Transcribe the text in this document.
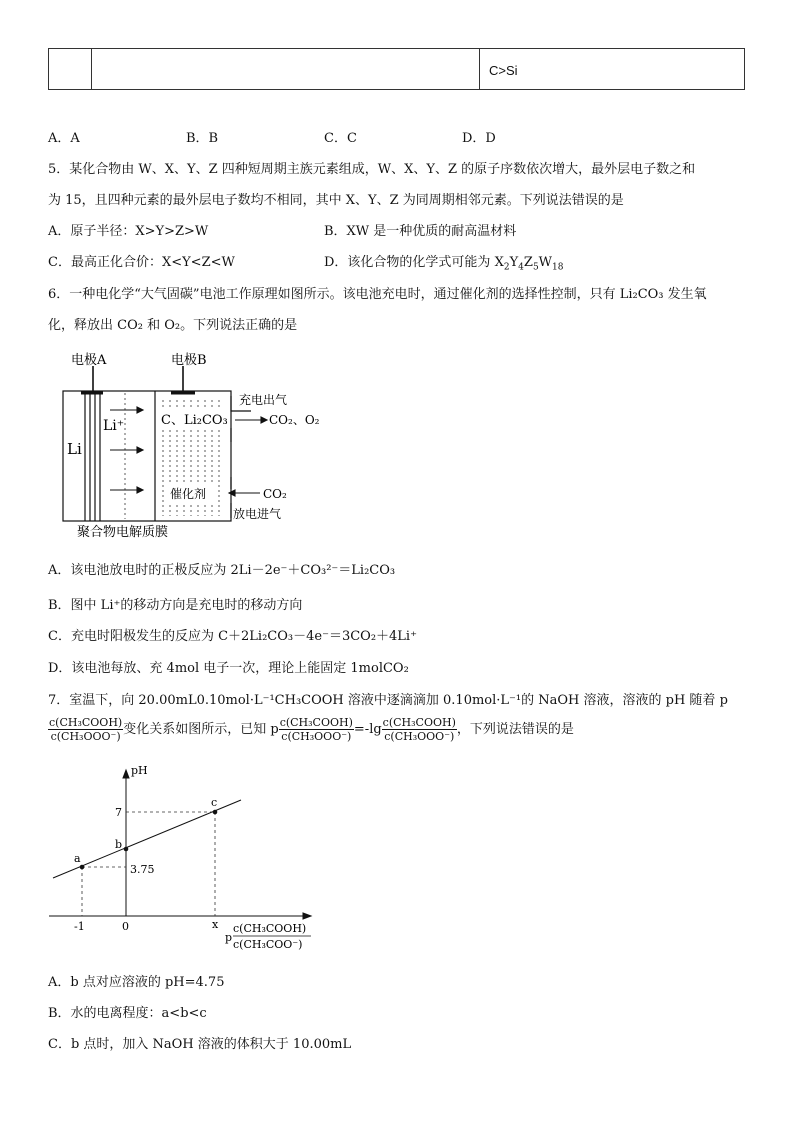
C>Si
A．A	B．B	C．C	D．D
5．某化合物由 W、X、Y、Z 四种短周期主族元素组成，W、X、Y、Z 的原子序数依次增大，最外层电子数之和
为 15，且四种元素的最外层电子数均不相同，其中 X、Y、Z 为同周期相邻元素。下列说法错误的是
A．原子半径：X>Y>Z>W	B．XW 是一种优质的耐高温材料
C．最高正化合价：X<Y<Z<W	D．该化合物的化学式可能为 $X_2Y_4Z_5W_{18}$
6．一种电化学“大气固碳”电池工作原理如图所示。该电池充电时，通过催化剂的选择性控制，只有 Li₂CO₃ 发生氧
化，释放出 CO₂ 和 O₂。下列说法正确的是
电极A	电极B
Li
Li⁺	C、Li₂CO₃
催化剂
充电出气
CO₂、O₂
CO₂
放电进气
聚合物电解质膜
A．该电池放电时的正极反应为 2Li－2e⁻＋CO₃²⁻＝Li₂CO₃
B．图中 Li⁺的移动方向是充电时的移动方向
C．充电时阳极发生的反应为 C＋2Li₂CO₃－4e⁻＝3CO₂＋4Li⁺
D．该电池每放、充 4mol 电子一次，理论上能固定 1molCO₂
7．室温下，向 20.00mL0.10mol·L⁻¹CH₃COOH 溶液中逐滴滴加 0.10mol·L⁻¹的 NaOH 溶液，溶液的 pH 随着 p
$\frac{\text{c(CH₃COOH)}}{\text{c(CH₃OOO⁻)}}$ 变化关系如图所示，已知 p $\frac{\text{c(CH₃COOH)}}{\text{c(CH₃OOO⁻)}} =-\lg \frac{\text{c(CH₃COOH)}}{\text{c(CH₃OOO⁻)}}$ ，下列说法错误的是
pH
7
3.75
-1	0	x
a
b
c
p
c(CH₃COOH)
c(CH₃COO⁻)
A．b 点对应溶液的 pH=4.75
B．水的电离程度：a<b<c
C．b 点时，加入 NaOH 溶液的体积大于 10.00mL
